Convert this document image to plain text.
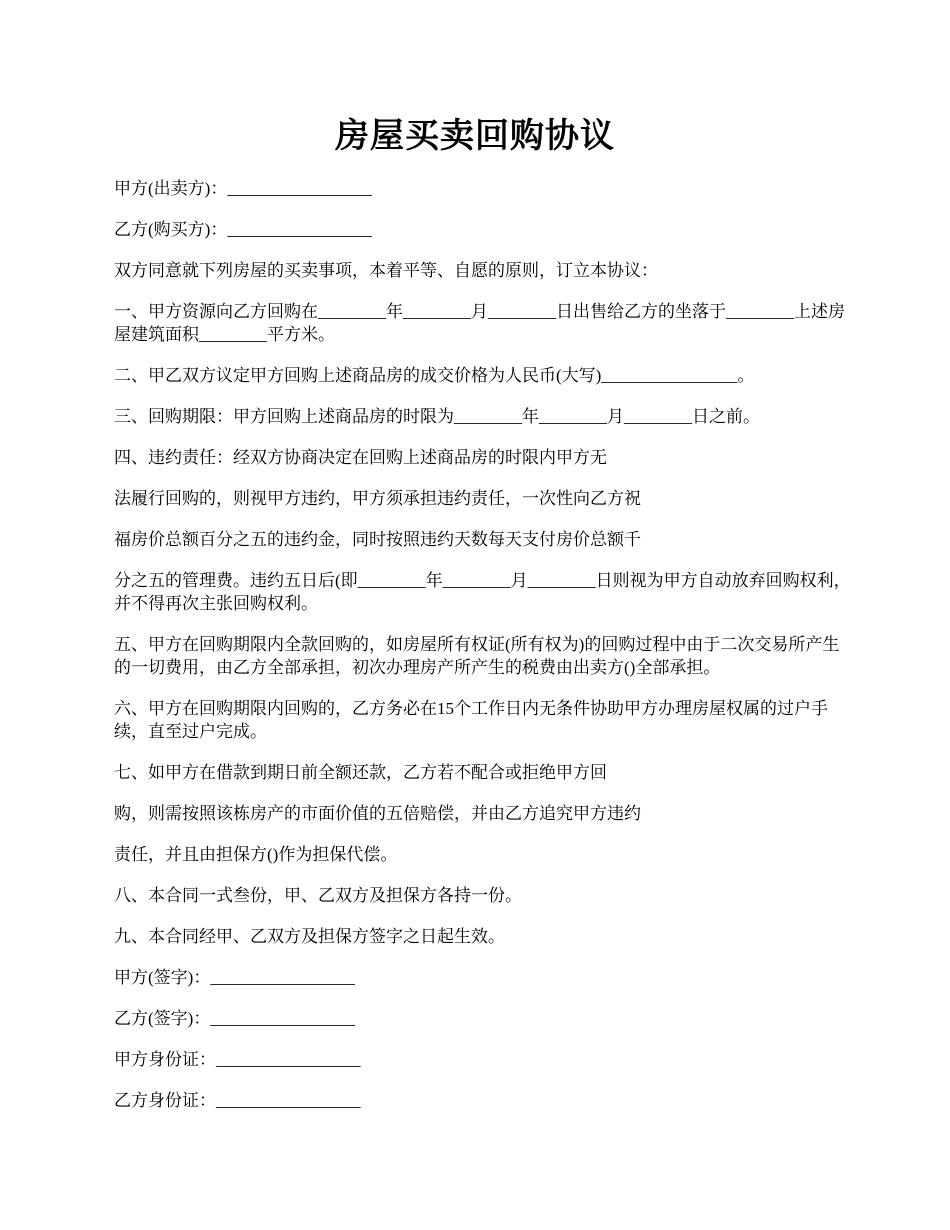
房屋买卖回购协议

甲方(出卖方)：_________________

乙方(购买方)：_________________

双方同意就下列房屋的买卖事项，本着平等、自愿的原则，订立本协议：

一、甲方资源向乙方回购在________年________月________日出售给乙方的坐落于________上述房屋建筑面积________平方米。

二、甲乙双方议定甲方回购上述商品房的成交价格为人民币(大写)________________。

三、回购期限：甲方回购上述商品房的时限为________年________月________日之前。

四、违约责任：经双方协商决定在回购上述商品房的时限内甲方无

法履行回购的，则视甲方违约，甲方须承担违约责任，一次性向乙方祝

福房价总额百分之五的违约金，同时按照违约天数每天支付房价总额千

分之五的管理费。违约五日后(即________年________月________日则视为甲方自动放弃回购权利，并不得再次主张回购权利。

五、甲方在回购期限内全款回购的，如房屋所有权证(所有权为)的回购过程中由于二次交易所产生的一切费用，由乙方全部承担，初次办理房产所产生的税费由出卖方()全部承担。

六、甲方在回购期限内回购的，乙方务必在15个工作日内无条件协助甲方办理房屋权属的过户手续，直至过户完成。

七、如甲方在借款到期日前全额还款，乙方若不配合或拒绝甲方回

购，则需按照该栋房产的市面价值的五倍赔偿，并由乙方追究甲方违约

责任，并且由担保方()作为担保代偿。

八、本合同一式叁份，甲、乙双方及担保方各持一份。

九、本合同经甲、乙双方及担保方签字之日起生效。

甲方(签字)：_________________

乙方(签字)：_________________

甲方身份证：_________________

乙方身份证：_________________
